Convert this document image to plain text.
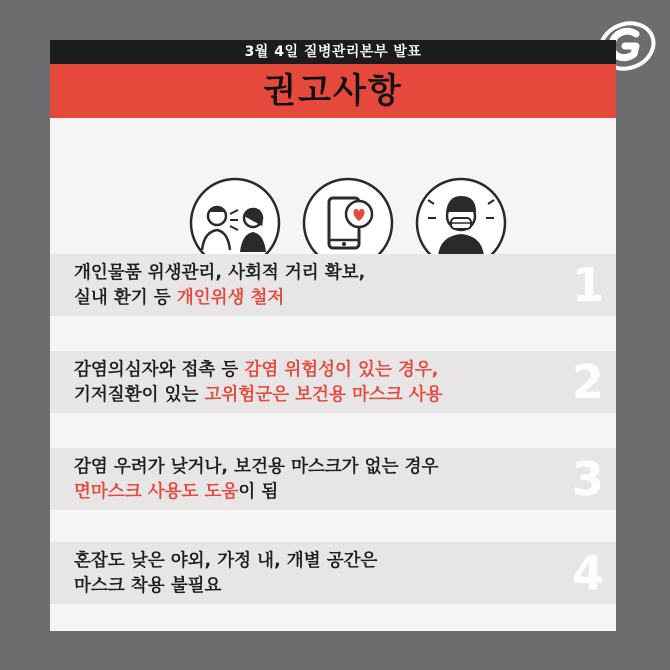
3월 4일 질병관리본부 발표
권고사항
개인물품 위생관리, 사회적 거리 확보,
실내 환기 등 개인위생 철저	1
감염의심자와 접촉 등 감염 위험성이 있는 경우,
기저질환이 있는 고위험군은 보건용 마스크 사용	2
감염 우려가 낮거나, 보건용 마스크가 없는 경우
면마스크 사용도 도움이 됨	3
혼잡도 낮은 야외, 가정 내, 개별 공간은
마스크 착용 불필요	4
